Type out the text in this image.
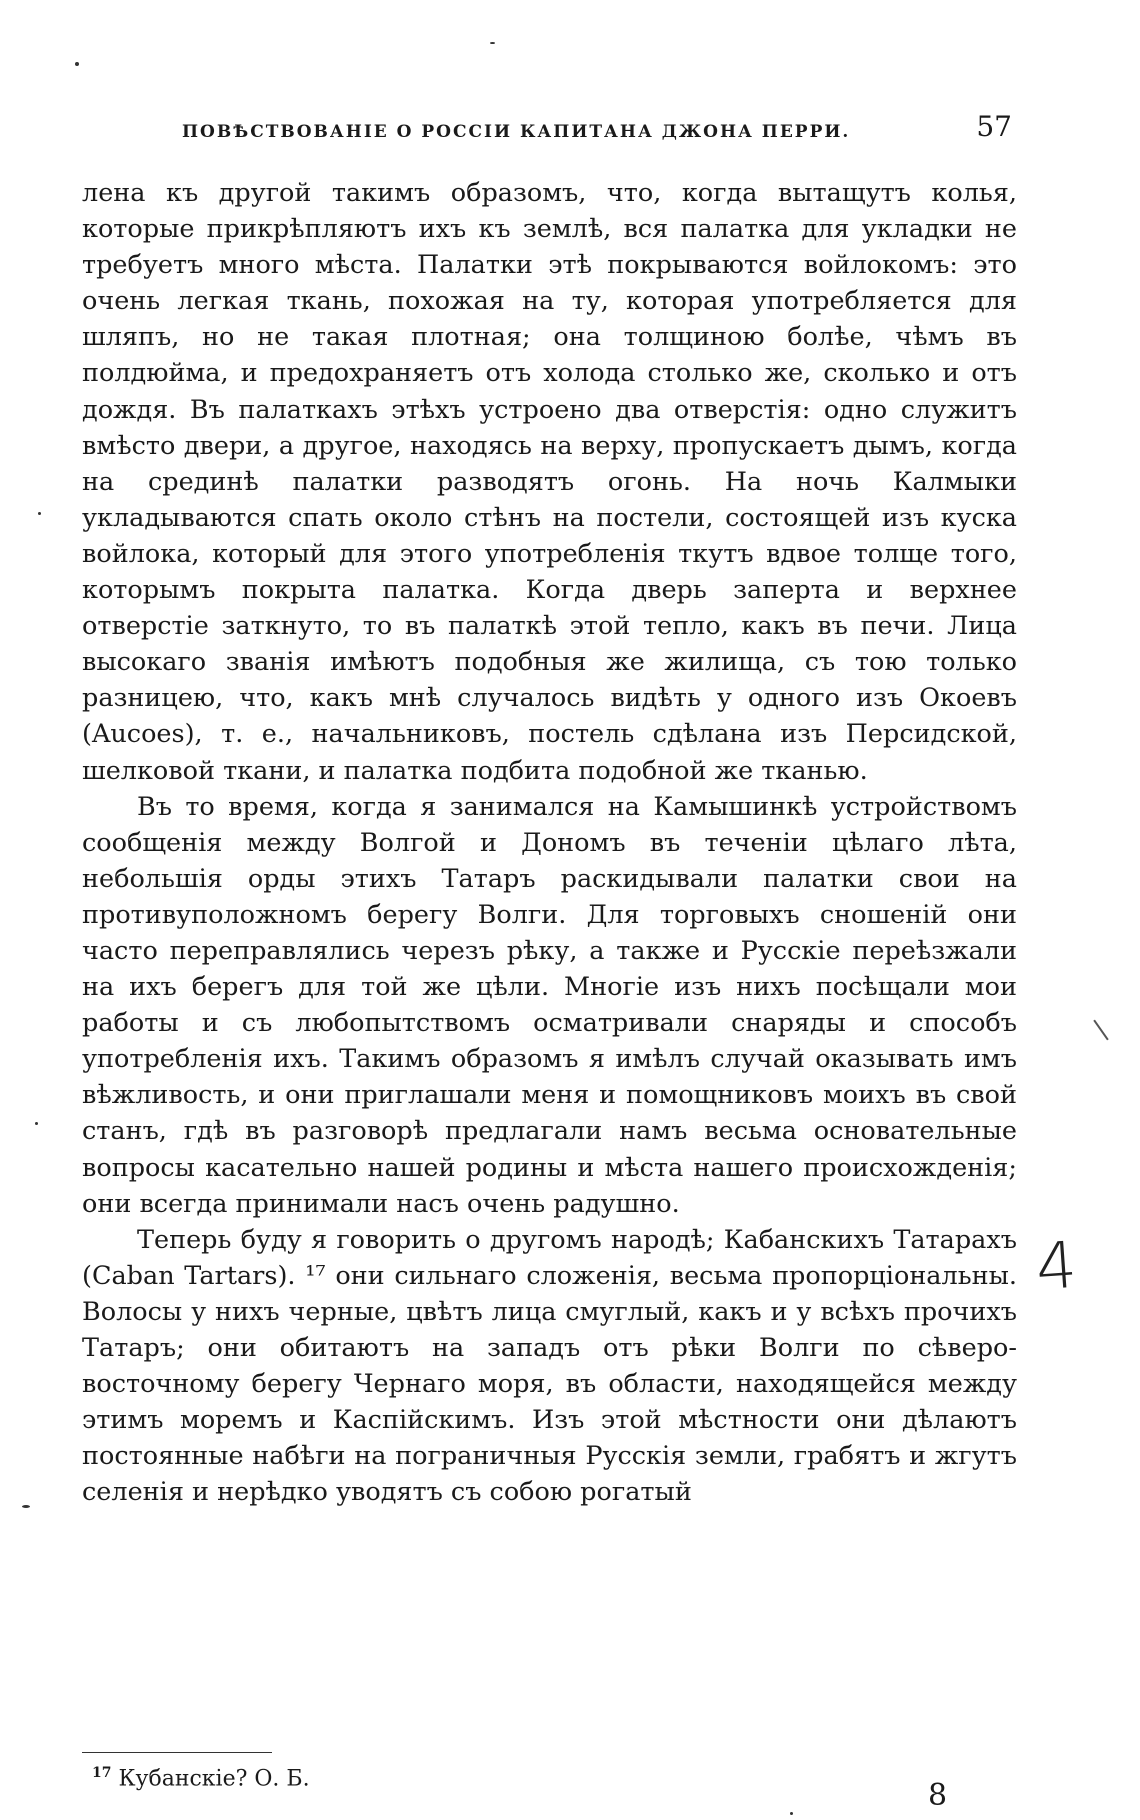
ПОВѢСТВОВАНІЕ О РОССІИ КАПИТАНА ДЖОНА ПЕРРИ.	57

лена къ другой такимъ образомъ, что, когда вытащутъ колья, которые прикрѣпляютъ ихъ къ землѣ, вся палатка для укладки не требуетъ много мѣста. Палатки этѣ покрываются войлокомъ: это очень легкая ткань, похожая на ту, которая употребляется для шляпъ, но не такая плотная; она толщиною болѣе, чѣмъ въ полдюйма, и предохраняетъ отъ холода столько же, сколько и отъ дождя. Въ палаткахъ этѣхъ устроено два отверстія: одно служитъ вмѣсто двери, а другое, находясь на верху, пропускаетъ дымъ, когда на срединѣ палатки разводятъ огонь. На ночь Калмыки укладываются спать около стѣнъ на постели, состоящей изъ куска войлока, который для этого употребленія ткутъ вдвое толще того, которымъ покрыта палатка. Когда дверь заперта и верхнее отверстіе заткнуто, то въ палаткѣ этой тепло, какъ въ печи. Лица высокаго званія имѣютъ подобныя же жилища, съ тою только разницею, что, какъ мнѣ случалось видѣть у одного изъ Окоевъ (Aucoes), т. е., начальниковъ, постель сдѣлана изъ Персидской, шелковой ткани, и палатка подбита подобной же тканью.

Въ то время, когда я занимался на Камышинкѣ устройствомъ сообщенія между Волгой и Дономъ въ теченіи цѣлаго лѣта, небольшія орды этихъ Татаръ раскидывали палатки свои на противуположномъ берегу Волги. Для торговыхъ сношеній они часто переправлялись черезъ рѣку, а также и Русскіе переѣзжали на ихъ берегъ для той же цѣли. Многіе изъ нихъ посѣщали мои работы и съ любопытствомъ осматривали снаряды и способъ употребленія ихъ. Такимъ образомъ я имѣлъ случай оказывать имъ вѣжливость, и они приглашали меня и помощниковъ моихъ въ свой станъ, гдѣ въ разговорѣ предлагали намъ весьма основательные вопросы касательно нашей родины и мѣста нашего происхожденія; они всегда принимали насъ очень радушно.

Теперь буду я говорить о другомъ народѣ; Кабанскихъ Татарахъ (Caban Tartars). ¹⁷ они сильнаго сложенія, весьма пропорціональны. Волосы у нихъ черные, цвѣтъ лица смуглый, какъ и у всѣхъ прочихъ Татаръ; они обитаютъ на западъ отъ рѣки Волги по сѣверо-восточному берегу Чернаго моря, въ области, находящейся между этимъ моремъ и Каспійскимъ. Изъ этой мѣстности они дѣлаютъ постоянные набѣги на пограничныя Русскія земли, грабятъ и жгутъ селенія и нерѣдко уводятъ съ собою рогатый

$^{17}$ Кубанскіе? О. Б.	8
4
